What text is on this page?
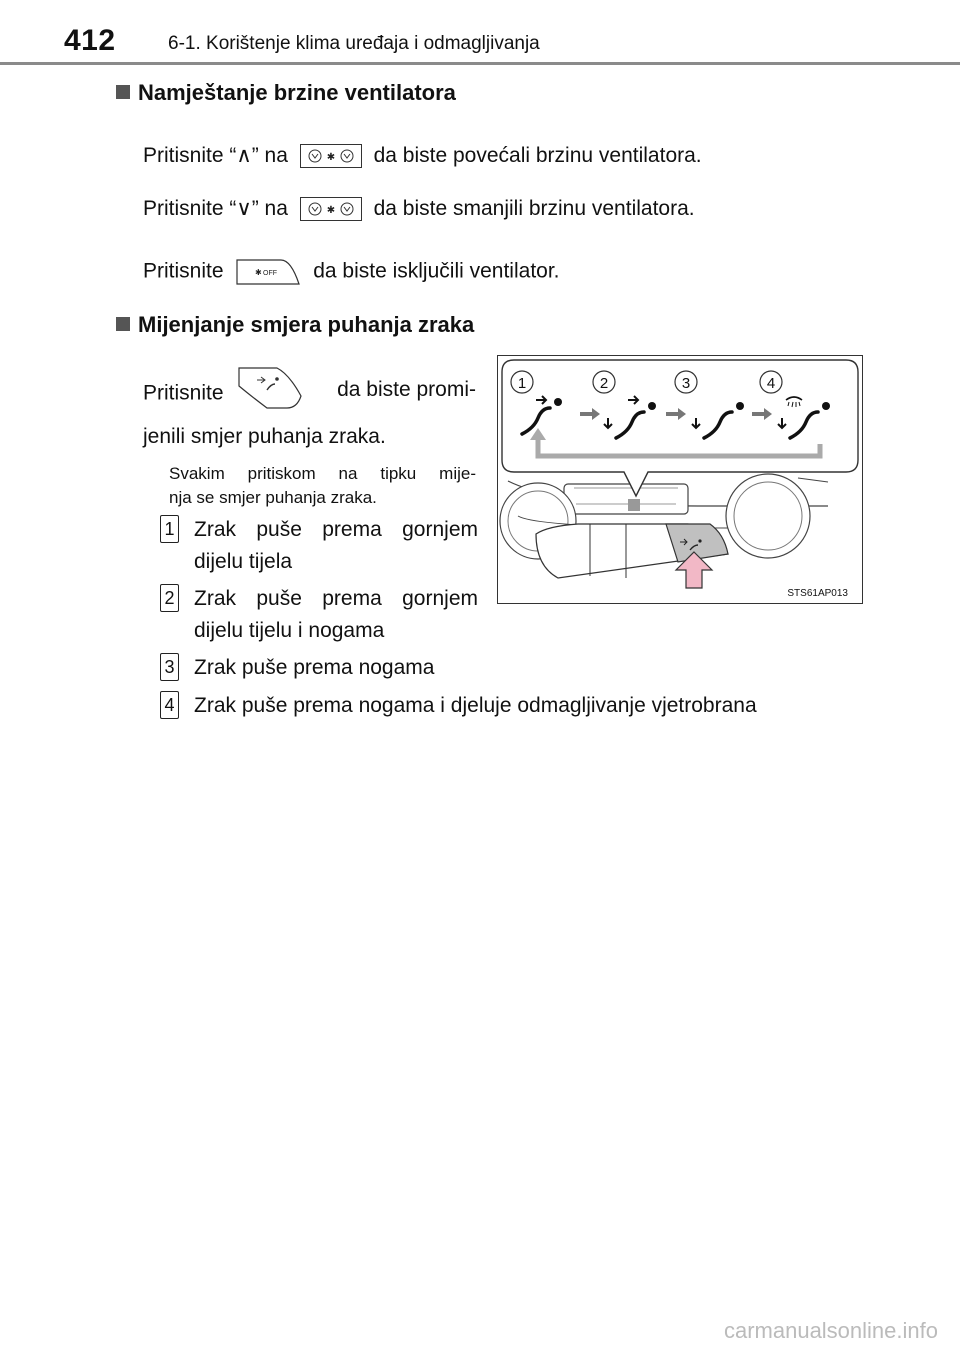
412	6-1. Korištenje klima uređaja i odmagljivanja
Namještanje brzine ventilatora
Pritisnite “∧” na	✱ da biste povećali brzinu ventilatora.
Pritisnite “∨” na	✱ da biste smanjili brzinu ventilatora.
Pritisnite	✱ OFF da biste isključili ventilator.
Mijenjanje smjera puhanja zraka
Pritisnite	da biste promi-
jenili smjer puhanja zraka.
Svakim pritiskom na tipku mije-
nja se smjer puhanja zraka.
1 Zrak puše prema gornjem
dijelu tijela
2 Zrak puše prema gornjem
dijelu tijelu i nogama
3 Zrak puše prema nogama
4 Zrak puše prema nogama i djeluje odmagljivanje vjetrobrana
1	2	3	4
STS61AP013
carmanualsonline.info
